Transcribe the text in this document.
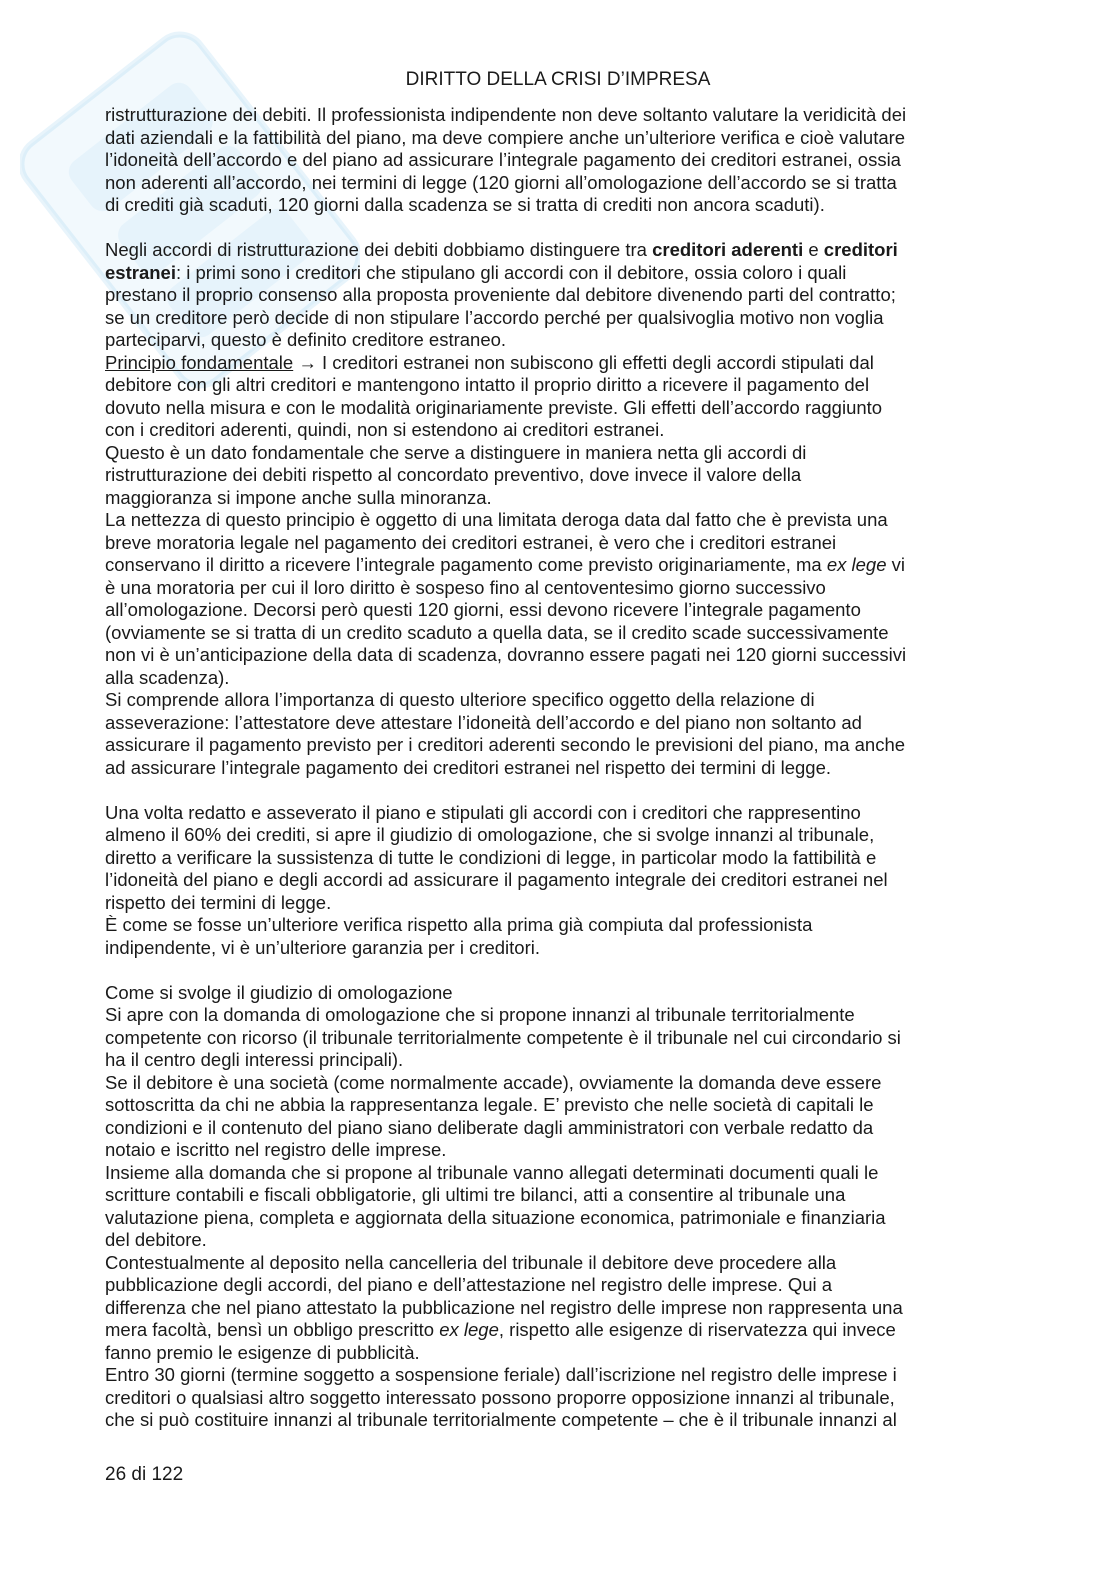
DIRITTO DELLA CRISI D’IMPRESA
ristrutturazione dei debiti. Il professionista indipendente non deve soltanto valutare la veridicità dei
dati aziendali e la fattibilità del piano, ma deve compiere anche un’ulteriore verifica e cioè valutare
l’idoneità dell’accordo e del piano ad assicurare l’integrale pagamento dei creditori estranei, ossia
non aderenti all’accordo, nei termini di legge (120 giorni all’omologazione dell’accordo se si tratta
di crediti già scaduti, 120 giorni dalla scadenza se si tratta di crediti non ancora scaduti).
Negli accordi di ristrutturazione dei debiti dobbiamo distinguere tra creditori aderenti e creditori
estranei: i primi sono i creditori che stipulano gli accordi con il debitore, ossia coloro i quali
prestano il proprio consenso alla proposta proveniente dal debitore divenendo parti del contratto;
se un creditore però decide di non stipulare l’accordo perché per qualsivoglia motivo non voglia
parteciparvi, questo è definito creditore estraneo.
Principio fondamentale → I creditori estranei non subiscono gli effetti degli accordi stipulati dal
debitore con gli altri creditori e mantengono intatto il proprio diritto a ricevere il pagamento del
dovuto nella misura e con le modalità originariamente previste. Gli effetti dell’accordo raggiunto
con i creditori aderenti, quindi, non si estendono ai creditori estranei.
Questo è un dato fondamentale che serve a distinguere in maniera netta gli accordi di
ristrutturazione dei debiti rispetto al concordato preventivo, dove invece il valore della
maggioranza si impone anche sulla minoranza.
La nettezza di questo principio è oggetto di una limitata deroga data dal fatto che è prevista una
breve moratoria legale nel pagamento dei creditori estranei, è vero che i creditori estranei
conservano il diritto a ricevere l’integrale pagamento come previsto originariamente, ma ex lege vi
è una moratoria per cui il loro diritto è sospeso fino al centoventesimo giorno successivo
all’omologazione. Decorsi però questi 120 giorni, essi devono ricevere l’integrale pagamento
(ovviamente se si tratta di un credito scaduto a quella data, se il credito scade successivamente
non vi è un’anticipazione della data di scadenza, dovranno essere pagati nei 120 giorni successivi
alla scadenza).
Si comprende allora l’importanza di questo ulteriore specifico oggetto della relazione di
asseverazione: l’attestatore deve attestare l’idoneità dell’accordo e del piano non soltanto ad
assicurare il pagamento previsto per i creditori aderenti secondo le previsioni del piano, ma anche
ad assicurare l’integrale pagamento dei creditori estranei nel rispetto dei termini di legge.
Una volta redatto e asseverato il piano e stipulati gli accordi con i creditori che rappresentino
almeno il 60% dei crediti, si apre il giudizio di omologazione, che si svolge innanzi al tribunale,
diretto a verificare la sussistenza di tutte le condizioni di legge, in particolar modo la fattibilità e
l’idoneità del piano e degli accordi ad assicurare il pagamento integrale dei creditori estranei nel
rispetto dei termini di legge.
È come se fosse un’ulteriore verifica rispetto alla prima già compiuta dal professionista
indipendente, vi è un’ulteriore garanzia per i creditori.
Come si svolge il giudizio di omologazione
Si apre con la domanda di omologazione che si propone innanzi al tribunale territorialmente
competente con ricorso (il tribunale territorialmente competente è il tribunale nel cui circondario si
ha il centro degli interessi principali).
Se il debitore è una società (come normalmente accade), ovviamente la domanda deve essere
sottoscritta da chi ne abbia la rappresentanza legale. E’ previsto che nelle società di capitali le
condizioni e il contenuto del piano siano deliberate dagli amministratori con verbale redatto da
notaio e iscritto nel registro delle imprese.
Insieme alla domanda che si propone al tribunale vanno allegati determinati documenti quali le
scritture contabili e fiscali obbligatorie, gli ultimi tre bilanci, atti a consentire al tribunale una
valutazione piena, completa e aggiornata della situazione economica, patrimoniale e finanziaria
del debitore.
Contestualmente al deposito nella cancelleria del tribunale il debitore deve procedere alla
pubblicazione degli accordi, del piano e dell’attestazione nel registro delle imprese. Qui a
differenza che nel piano attestato la pubblicazione nel registro delle imprese non rappresenta una
mera facoltà, bensì un obbligo prescritto ex lege, rispetto alle esigenze di riservatezza qui invece
fanno premio le esigenze di pubblicità.
Entro 30 giorni (termine soggetto a sospensione feriale) dall’iscrizione nel registro delle imprese i
creditori o qualsiasi altro soggetto interessato possono proporre opposizione innanzi al tribunale,
che si può costituire innanzi al tribunale territorialmente competente – che è il tribunale innanzi al
26 di 122
